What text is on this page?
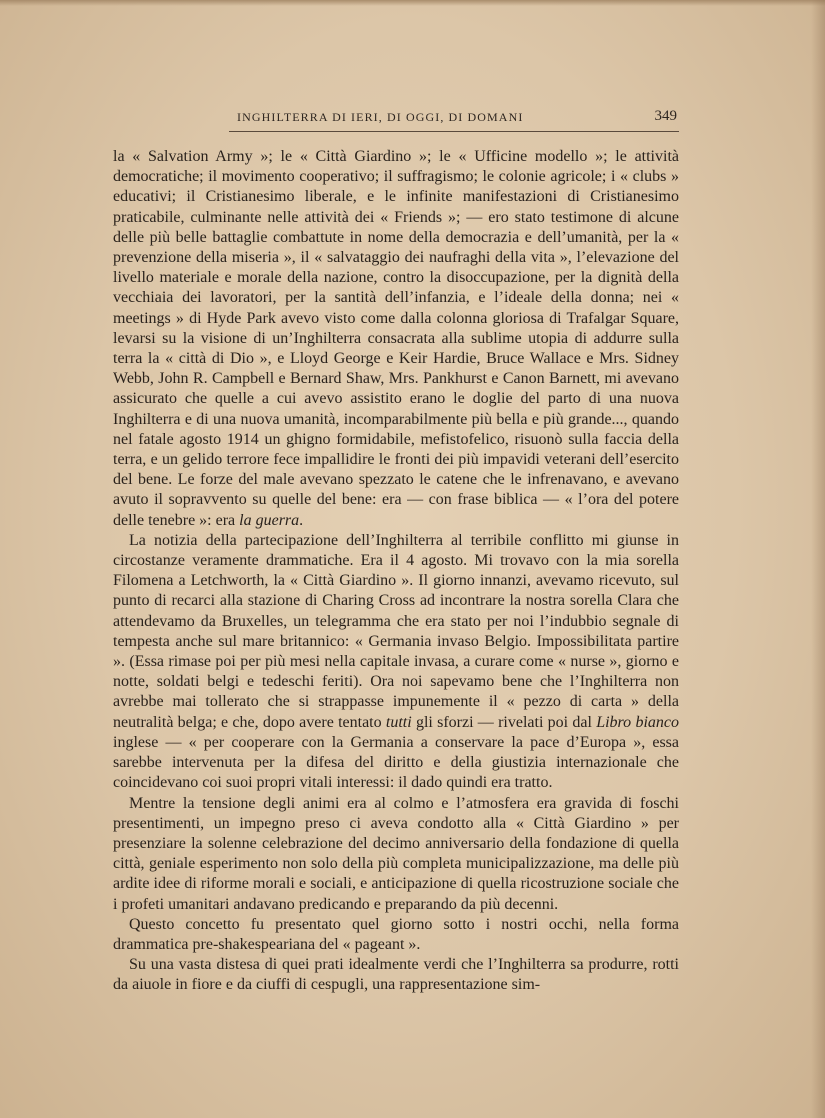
INGHILTERRA DI IERI, DI OGGI, DI DOMANI	349

la « Salvation Army »; le « Città Giardino »; le « Ufficine modello »; le attività democratiche; il movimento cooperativo; il suffragismo; le colonie agricole; i « clubs » educativi; il Cristianesimo liberale, e le infinite manifestazioni di Cristianesimo praticabile, culminante nelle attività dei « Friends »; — ero stato testimone di alcune delle più belle battaglie combattute in nome della democrazia e dell’umanità, per la « prevenzione della miseria », il « salvataggio dei naufraghi della vita », l’elevazione del livello materiale e morale della nazione, contro la disoccupazione, per la dignità della vecchiaia dei lavoratori, per la santità dell’infanzia, e l’ideale della donna; nei « meetings » di Hyde Park avevo visto come dalla colonna gloriosa di Trafalgar Square, levarsi su la visione di un’Inghilterra consacrata alla sublime utopia di addurre sulla terra la « città di Dio », e Lloyd George e Keir Hardie, Bruce Wallace e Mrs. Sidney Webb, John R. Campbell e Bernard Shaw, Mrs. Pankhurst e Canon Barnett, mi avevano assicurato che quelle a cui avevo assistito erano le doglie del parto di una nuova Inghilterra e di una nuova umanità, incomparabilmente più bella e più grande..., quando nel fatale agosto 1914 un ghigno formidabile, mefistofelico, risuonò sulla faccia della terra, e un gelido terrore fece impallidire le fronti dei più impavidi veterani dell’esercito del bene. Le forze del male avevano spezzato le catene che le infrenavano, e avevano avuto il sopravvento su quelle del bene: era — con frase biblica — « l’ora del potere delle tenebre »: era la guerra.

La notizia della partecipazione dell’Inghilterra al terribile conflitto mi giunse in circostanze veramente drammatiche. Era il 4 agosto. Mi trovavo con la mia sorella Filomena a Letchworth, la « Città Giardino ». Il giorno innanzi, avevamo ricevuto, sul punto di recarci alla stazione di Charing Cross ad incontrare la nostra sorella Clara che attendevamo da Bruxelles, un telegramma che era stato per noi l’indubbio segnale di tempesta anche sul mare britannico: « Germania invaso Belgio. Impossibilitata partire ». (Essa rimase poi per più mesi nella capitale invasa, a curare come « nurse », giorno e notte, soldati belgi e tedeschi feriti). Ora noi sapevamo bene che l’Inghilterra non avrebbe mai tollerato che si strappasse impunemente il « pezzo di carta » della neutralità belga; e che, dopo avere tentato tutti gli sforzi — rivelati poi dal Libro bianco inglese — « per cooperare con la Germania a conservare la pace d’Europa », essa sarebbe intervenuta per la difesa del diritto e della giustizia internazionale che coincidevano coi suoi propri vitali interessi: il dado quindi era tratto.

Mentre la tensione degli animi era al colmo e l’atmosfera era gravida di foschi presentimenti, un impegno preso ci aveva condotto alla « Città Giardino » per presenziare la solenne celebrazione del decimo anniversario della fondazione di quella città, geniale esperimento non solo della più completa municipalizzazione, ma delle più ardite idee di riforme morali e sociali, e anticipazione di quella ricostruzione sociale che i profeti umanitari andavano predicando e preparando da più decenni.

Questo concetto fu presentato quel giorno sotto i nostri occhi, nella forma drammatica pre-shakespeariana del « pageant ».

Su una vasta distesa di quei prati idealmente verdi che l’Inghilterra sa produrre, rotti da aiuole in fiore e da ciuffi di cespugli, una rappresentazione sim-
